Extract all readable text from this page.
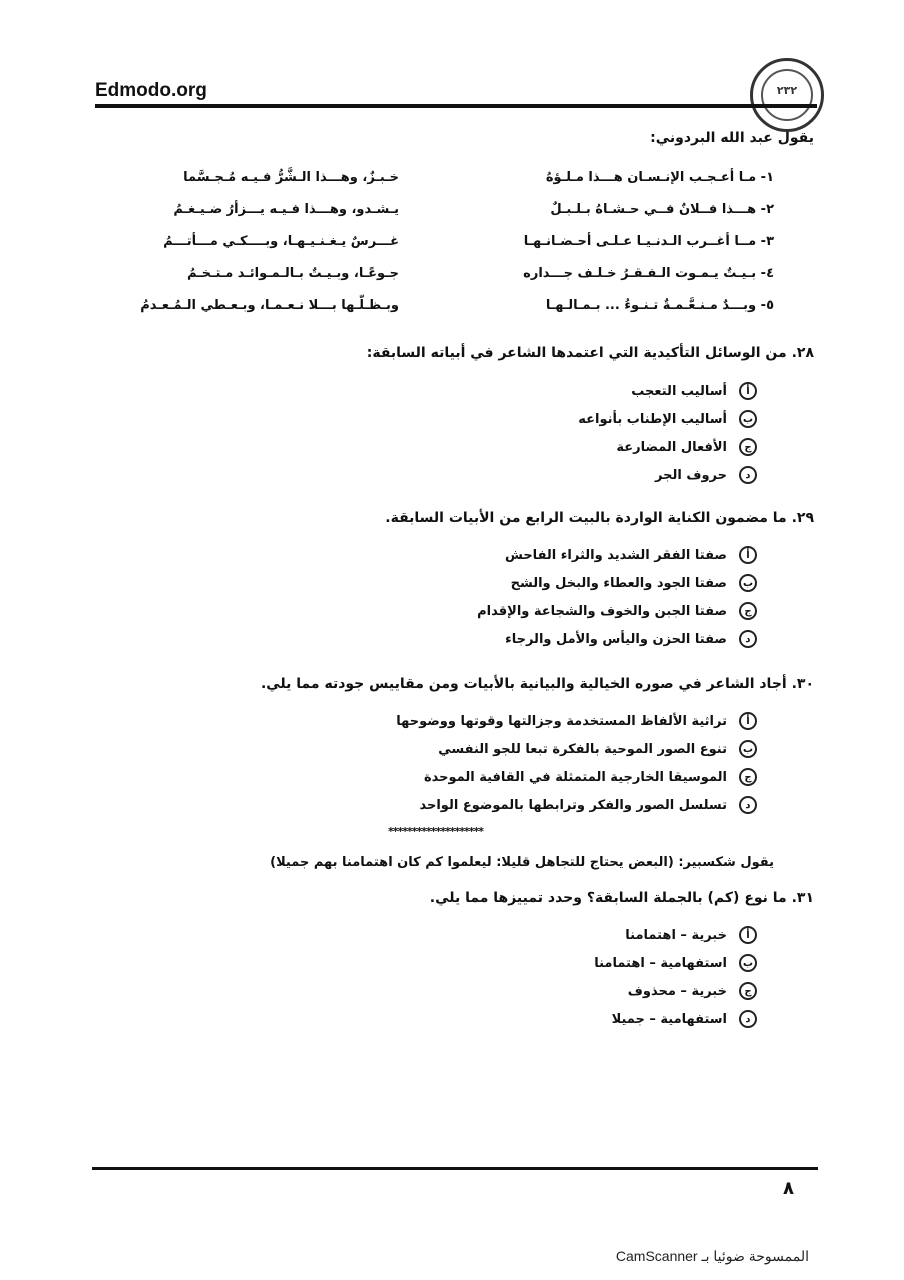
Edmodo.org	٢٣٢
يقول عبد الله البردوني:
١- مـا أعـجـب الإنـسـان هـــذا مـلـؤهُ
خـبـزٌ، وهـــذا الـشَّرُّ فـيـه مُـجـسَّما
٢- هـــذا فــلانٌ فــي حـشـاهُ بـلـبـلٌ
يـشـدو، وهـــذا فـيـه يـــزأرُ ضـيـغـمُ
٣- مــا أغــرب الـدنـيـا عـلـى أحـضـانـهـا
غـــرسٌ يـغـنـيـهـا، وبــــكـي مـــأتـــمُ
٤- بـيـتٌ يـمـوت الـفـقـرُ خـلـف جـــداره
جـوعًـا، وبـيـتٌ بـالـمـوائـد مـتـخـمُ
٥- وبـــدٌ مـنـعَّـمـةٌ تـنـوءُ ... بـمـالـهـا
وبـظـلّـها بـــلا نـعـمـا، وبـعـطي الـمُـعـدمُ
٢٨. من الوسائل التأكيدية التي اعتمدها الشاعر في أبياته السابقة:
أ
أساليب التعجب
ب
أساليب الإطناب بأنواعه
ج
الأفعال المضارعة
د
حروف الجر
٢٩. ما مضمون الكناية الواردة بالبيت الرابع من الأبيات السابقة.
أ
صفتا الفقر الشديد والثراء الفاحش
ب
صفتا الجود والعطاء والبخل والشح
ج
صفتا الجبن والخوف والشجاعة والإقدام
د
صفتا الحزن واليأس والأمل والرجاء
٣٠. أجاد الشاعر في صوره الخيالية والبيانية بالأبيات ومن مقاييس جودته مما يلي.
أ
تراثية الألفاظ المستخدمة وجزالتها وقوتها ووضوحها
ب
تنوع الصور الموحية بالفكرة تبعا للجو النفسي
ج
الموسيقا الخارجية المتمثلة في القافية الموحدة
د
تسلسل الصور والفكر وترابطها بالموضوع الواحد
********************
يقول شكسبير: (البعض يحتاج للتجاهل قليلا: ليعلموا كم كان اهتمامنا بهم جميلا)
٣١. ما نوع (كم) بالجملة السابقة؟ وحدد تمييزها مما يلي.
أ
خبرية – اهتمامنا
ب
استفهامية – اهتمامنا
ج
خبرية – محذوف
د
استفهامية – جميلا
٨
الممسوحة ضوئيا بـ CamScanner
